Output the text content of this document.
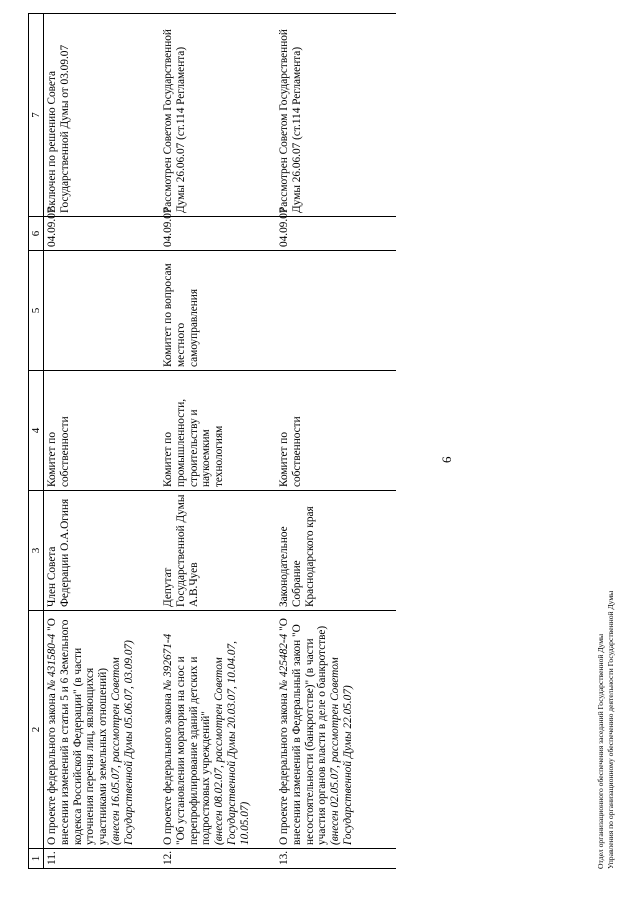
6
1	2	3	4	5	6	7
11.	О проекте федерального закона № 431580-4 "О внесении изменений в статьи 5 и 6 Земельного кодекса Российской Федерации" (в части уточнения перечня лиц, являющихся участниками земельных отношений) (внесен 16.05.07, рассмотрен Советом Государственной Думы 05.06.07, 03.09.07)	Член Совета Федерации О.А.Огиня	Комитет по собственности		04.09.07	Включен по решению Совета Государственной Думы от 03.09.07
12.	О проекте федерального закона № 392671-4 "Об установлении моратория на снос и перепрофилирование зданий детских и подростковых учреждений" (внесен 08.02.07, рассмотрен Советом Государственной Думы 20.03.07, 10.04.07, 10.05.07)	Депутат Государственной Думы А.В.Чуев	Комитет по промышленности, строительству и наукоемким технологиям	Комитет по вопросам местного самоуправления	04.09.07	Рассмотрен Советом Государственной Думы 26.06.07 (ст.114 Регламента)
13.	О проекте федерального закона № 425482-4 "О внесении изменений в Федеральный закон "О несостоятельности (банкротстве)" (в части участия органов власти в деле о банкротстве) (внесен 02.05.07, рассмотрен Советом Государственной Думы 22.05.07)	Законодательное Собрание Краснодарского края	Комитет по собственности		04.09.07	Рассмотрен Советом Государственной Думы 26.06.07 (ст.114 Регламента)
Отдел организационного обеспечения заседаний Государственной Думы Управления по организационному обеспечению деятельности Государственной Думы
